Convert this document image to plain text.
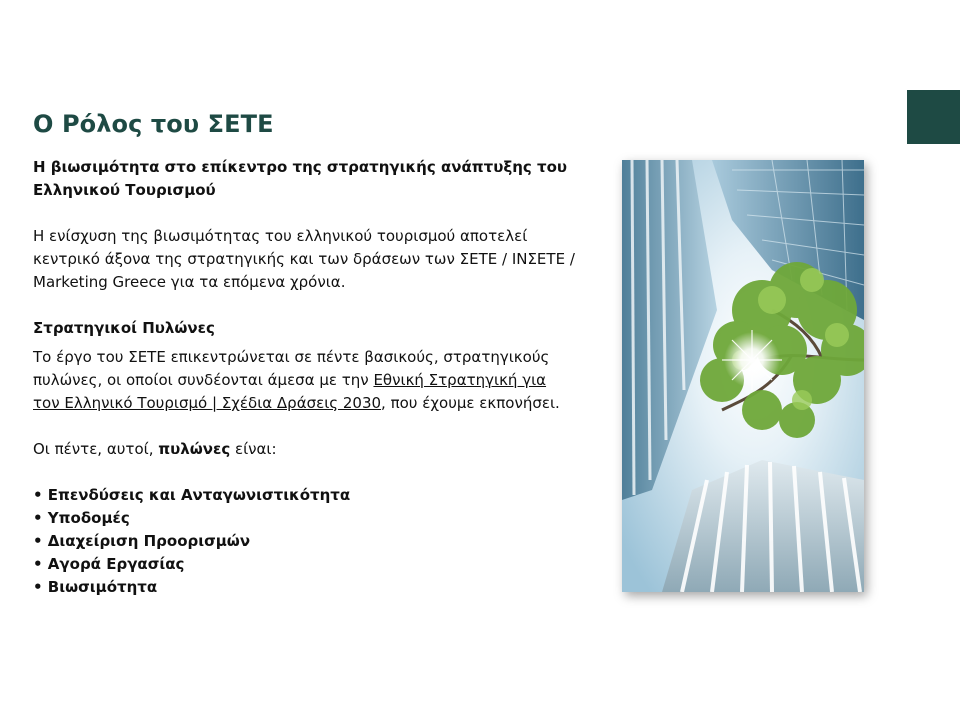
Ο Ρόλος του ΣΕΤΕ

Η βιωσιμότητα στο επίκεντρο της στρατηγικής ανάπτυξης του
Ελληνικού Τουρισμού

Η ενίσχυση της βιωσιμότητας του ελληνικού τουρισμού αποτελεί
κεντρικό άξονα της στρατηγικής και των δράσεων των ΣΕΤΕ / ΙΝΣΕΤΕ /
Marketing Greece για τα επόμενα χρόνια.

Στρατηγικοί Πυλώνες

Το έργο του ΣΕΤΕ επικεντρώνεται σε πέντε βασικούς, στρατηγικούς
πυλώνες, οι οποίοι συνδέονται άμεσα με την Εθνική Στρατηγική για
τον Ελληνικό Τουρισμό | Σχέδια Δράσεις 2030, που έχουμε εκπονήσει.

Οι πέντε, αυτοί, πυλώνες είναι:

• Επενδύσεις και Ανταγωνιστικότητα
• Υποδομές
• Διαχείριση Προορισμών
• Αγορά Εργασίας
• Βιωσιμότητα
